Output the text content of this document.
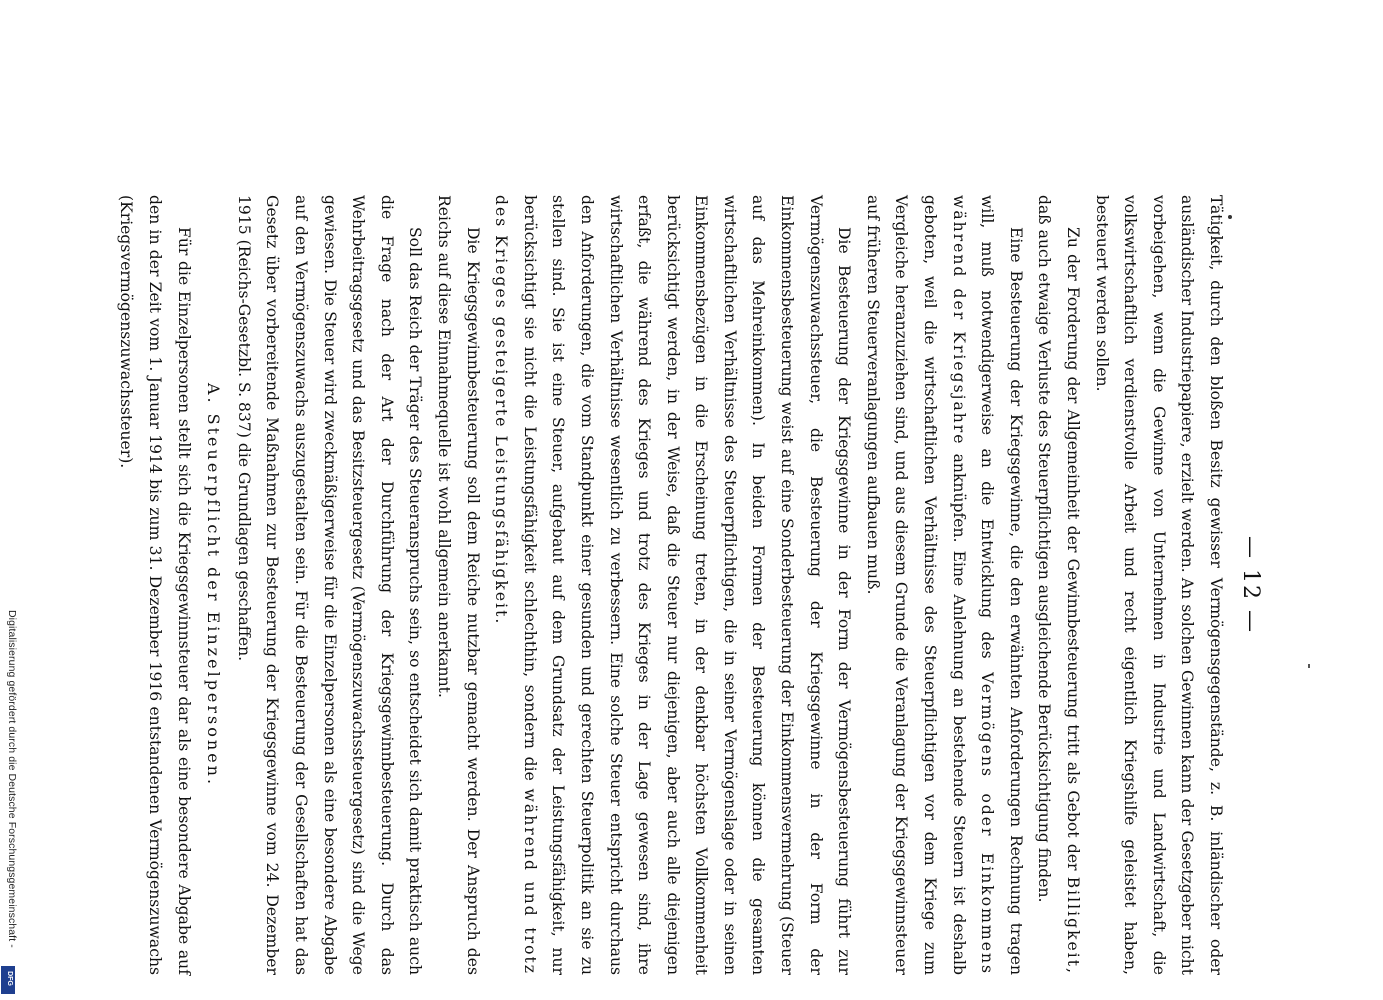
— 12 —

Tätigkeit, durch den bloßen Besitz gewisser Vermögensgegenstände, z. B. inländischer oder ausländischer Industriepapiere, erzielt werden. An solchen Gewinnen kann der Gesetzgeber nicht vorbeigehen, wenn die Gewinne von Unternehmen in Industrie und Landwirtschaft, die volkswirtschaftlich verdienstvolle Arbeit und recht eigentlich Kriegshilfe geleistet haben, besteuert werden sollen.

Zu der Forderung der Allgemeinheit der Gewinnbesteuerung tritt als Gebot der Billigkeit, daß auch etwaige Verluste des Steuerpflichtigen ausgleichende Berücksichtigung finden.

Eine Besteuerung der Kriegsgewinne, die den erwähnten Anforderungen Rechnung tragen will, muß notwendigerweise an die Entwicklung des Vermögens oder Einkommens während der Kriegsjahre anknüpfen. Eine Anlehnung an bestehende Steuern ist deshalb geboten, weil die wirtschaftlichen Verhältnisse des Steuerpflichtigen vor dem Kriege zum Vergleiche heranzuziehen sind, und aus diesem Grunde die Veranlagung der Kriegsgewinnsteuer auf früheren Steuerveranlagungen aufbauen muß.

Die Besteuerung der Kriegsgewinne in der Form der Vermögensbesteuerung führt zur Vermögenszuwachssteuer, die Besteuerung der Kriegsgewinne in der Form der Einkommensbesteuerung weist auf eine Sonderbesteuerung der Einkommensvermehrung (Steuer auf das Mehreinkommen). In beiden Formen der Besteuerung können die gesamten wirtschaftlichen Verhältnisse des Steuerpflichtigen, die in seiner Vermögenslage oder in seinen Einkommensbezügen in die Erscheinung treten, in der denkbar höchsten Vollkommenheit berücksichtigt werden, in der Weise, daß die Steuer nur diejenigen, aber auch alle diejenigen erfaßt, die während des Krieges und trotz des Krieges in der Lage gewesen sind, ihre wirtschaftlichen Verhältnisse wesentlich zu verbessern. Eine solche Steuer entspricht durchaus den Anforderungen, die vom Standpunkt einer gesunden und gerechten Steuerpolitik an sie zu stellen sind. Sie ist eine Steuer, aufgebaut auf dem Grundsatz der Leistungsfähigkeit, nur berücksichtigt sie nicht die Leistungsfähigkeit schlechthin, sondern die während und trotz des Krieges gesteigerte Leistungsfähigkeit.

Die Kriegsgewinnbesteuerung soll dem Reiche nutzbar gemacht werden. Der Anspruch des Reichs auf diese Einnahmequelle ist wohl allgemein anerkannt.

Soll das Reich der Träger des Steueranspruchs sein, so entscheidet sich damit praktisch auch die Frage nach der Art der Durchführung der Kriegsgewinnbesteuerung. Durch das Wehrbeitragsgesetz und das Besitzsteuergesetz (Vermögenszuwachssteuergesetz) sind die Wege gewiesen. Die Steuer wird zweckmäßigerweise für die Einzelpersonen als eine besondere Abgabe auf den Vermögenszuwachs auszugestalten sein. Für die Besteuerung der Gesellschaften hat das Gesetz über vorbereitende Maßnahmen zur Besteuerung der Kriegsgewinne vom 24. Dezember 1915 (Reichs-Gesetzbl. S. 837) die Grundlagen geschaffen.

A. Steuerpflicht der Einzelpersonen.

Für die Einzelpersonen stellt sich die Kriegsgewinnsteuer dar als eine besondere Abgabe auf den in der Zeit vom 1. Januar 1914 bis zum 31. Dezember 1916 entstandenen Vermögenszuwachs (Kriegsvermögenszuwachssteuer).

Digitalisierung gefördert durch die Deutsche Forschungsgemeinschaft -
DFG
